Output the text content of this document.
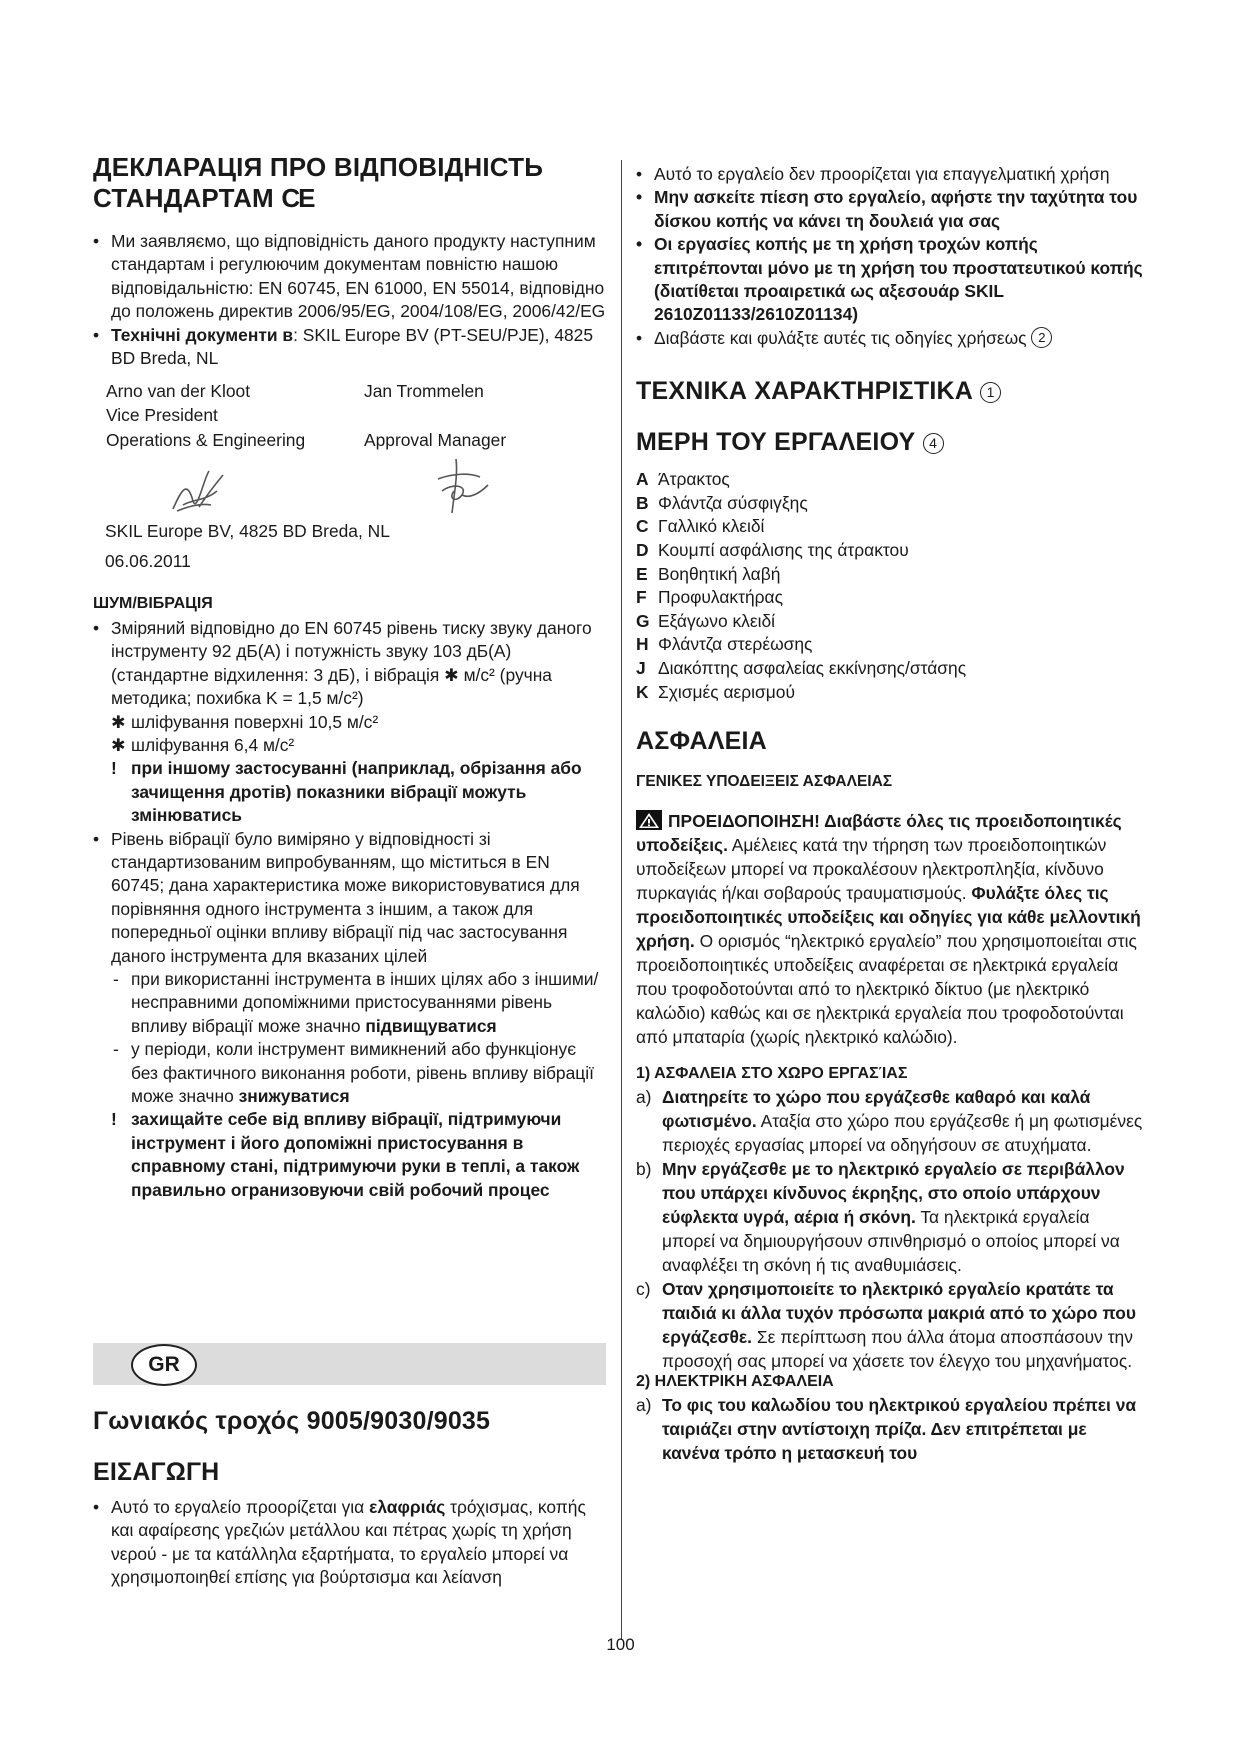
ДЕКЛАРАЦІЯ ПРО ВІДПОВІДНІСТЬ
СТАНДАРТАМ CE

• Ми заявляємо, що відповідність даного продукту наступним стандартам і регулюючим документам повністю нашою відповідальністю: EN 60745, EN 61000, EN 55014, відповідно до положень директив 2006/95/EG, 2004/108/EG, 2006/42/EG

• Технічні документи в: SKIL Europe BV (PT-SEU/PJE), 4825 BD Breda, NL

Arno van der Kloot	Jan Trommelen
Vice President
Operations & Engineering	Approval Manager

SKIL Europe BV, 4825 BD Breda, NL

06.06.2011

ШУМ/ВІБРАЦІЯ

• Зміряний відповідно до EN 60745 рівень тиску звуку даного інструменту 92 дБ(A) і потужність звуку 103 дБ(A) (стандартне відхилення: 3 дБ), і вібрація ✱ м/с² (ручна методика; похибка K = 1,5 м/с²)

✱ шліфування поверхні 10,5 м/с²
✱ шліфування 6,4 м/с²
! при іншому застосуванні (наприклад, обрізання або зачищення дротів) показники вібрації можуть змінюватись

• Рівень вібрації було виміряно у відповідності зі стандартизованим випробуванням, що міститься в EN 60745; дана характеристика може використовуватися для порівняння одного інструмента з іншим, а також для попередньої оцінки впливу вібрації під час застосування даного інструмента для вказаних цілей

- при використанні інструмента в інших цілях або з іншими/несправними допоміжними пристосуваннями рівень впливу вібрації може значно підвищуватися
- у періоди, коли інструмент вимикнений або функціонує без фактичного виконання роботи, рівень впливу вібрації може значно знижуватися
! захищайте себе від впливу вібрації, підтримуючи інструмент і його допоміжні пристосування в справному стані, підтримуючи руки в теплі, а також правильно огранизовуючи свій робочий процес
GR
Γωνιακός τροχός 9005/9030/9035
ΕΙΣΑΓΩΓΗ

• Αυτό το εργαλείο προορίζεται για ελαφριάς τρόχισμας, κοπής και αφαίρεσης γρεζιών μετάλλου και πέτρας χωρίς τη χρήση νερού - με τα κατάλληλα εξαρτήματα, το εργαλείο μπορεί να χρησιμοποιηθεί επίσης για βούρτσισμα και λείανση

• Αυτό το εργαλείο δεν προορίζεται για επαγγελματική χρήση

• Μην ασκείτε πίεση στο εργαλείο, αφήστε την ταχύτητα του δίσκου κοπής να κάνει τη δουλειά για σας

• Οι εργασίες κοπής με τη χρήση τροχών κοπής επιτρέπονται μόνο με τη χρήση του προστατευτικού κοπής (διατίθεται προαιρετικά ως αξεσουάρ SKIL 2610Z01133/2610Z01134)

• Διαβάστε και φυλάξτε αυτές τις οδηγίες χρήσεως 2

ΤΕΧΝΙΚΑ ΧΑΡΑΚΤΗΡΙΣΤΙΚΑ 1
ΜΕΡΗ ΤΟΥ ΕΡΓΑΛΕΙΟΥ 4
A Άτρακτος
B Φλάντζα σύσφιγξης
C Γαλλικό κλειδί
D Κουμπί ασφάλισης της άτρακτου
E Βοηθητική λαβή
F Προφυλακτήρας
G Εξάγωνο κλειδί
H Φλάντζα στερέωσης
J Διακόπτης ασφαλείας εκκίνησης/στάσης
K Σχισμές αερισμού
ΑΣΦΑΛΕΙΑ
ΓΕΝΙΚΕΣ ΥΠΟΔΕΙΞΕΙΣ ΑΣΦΑΛΕΙΑΣ

ΠΡΟΕΙΔΟΠΟΙΗΣΗ! Διαβάστε όλες τις προειδοποιητικές υποδείξεις. Αμέλειες κατά την τήρηση των προειδοποιητικών υποδείξεων μπορεί να προκαλέσουν ηλεκτροπληξία, κίνδυνο πυρκαγιάς ή/και σοβαρούς τραυματισμούς. Φυλάξτε όλες τις προειδοποιητικές υποδείξεις και οδηγίες για κάθε μελλοντική χρήση. Ο ορισμός “ηλεκτρικό εργαλείο” που χρησιμοποιείται στις προειδοποιητικές υποδείξεις αναφέρεται σε ηλεκτρικά εργαλεία που τροφοδοτούνται από το ηλεκτρικό δίκτυο (με ηλεκτρικό καλώδιο) καθώς και σε ηλεκτρικά εργαλεία που τροφοδοτούνται από μπαταρία (χωρίς ηλεκτρικό καλώδιο).

1) ΑΣΦΑΛΕΙΑ ΣΤΟ ΧΩΡΟ ΕΡΓΑΣΊΑΣ
a) Διατηρείτε το χώρο που εργάζεσθε καθαρό και καλά φωτισμένο. Αταξία στο χώρο που εργάζεσθε ή μη φωτισμένες περιοχές εργασίας μπορεί να οδηγήσουν σε ατυχήματα.
b) Μην εργάζεσθε με το ηλεκτρικό εργαλείο σε περιβάλλον που υπάρχει κίνδυνος έκρηξης, στο οποίο υπάρχουν εύφλεκτα υγρά, αέρια ή σκόνη. Τα ηλεκτρικά εργαλεία μπορεί να δημιουργήσουν σπινθηρισμό ο οποίος μπορεί να αναφλέξει τη σκόνη ή τις αναθυμιάσεις.
c) Οταν χρησιμοποιείτε το ηλεκτρικό εργαλείο κρατάτε τα παιδιά κι άλλα τυχόν πρόσωπα μακριά από το χώρο που εργάζεσθε. Σε περίπτωση που άλλα άτομα αποσπάσουν την προσοχή σας μπορεί να χάσετε τον έλεγχο του μηχανήματος.
2) ΗΛΕΚΤΡΙΚΗ ΑΣΦΑΛΕΙΑ
a) Το φις του καλωδίου του ηλεκτρικού εργαλείου πρέπει να ταιριάζει στην αντίστοιχη πρίζα. Δεν επιτρέπεται με κανένα τρόπο η μετασκευή του
100
